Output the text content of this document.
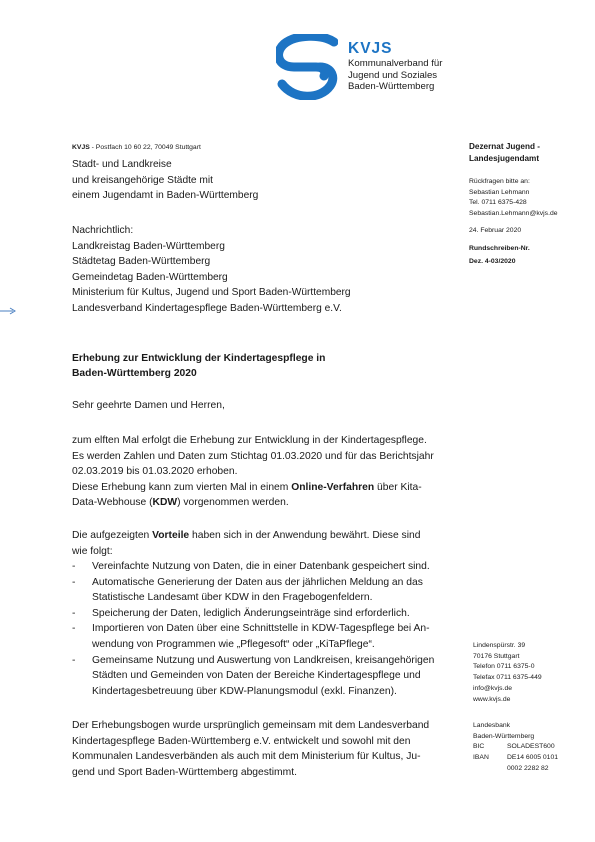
KVJS
Kommunalverband für
Jugend und Soziales
Baden-Württemberg
KVJS - Postfach 10 60 22, 70049 Stuttgart
Stadt- und Landkreise
und kreisangehörige Städte mit
einem Jugendamt in Baden-Württemberg
Nachrichtlich:
Landkreistag Baden-Württemberg
Städtetag Baden-Württemberg
Gemeindetag Baden-Württemberg
Ministerium für Kultus, Jugend und Sport Baden-Württemberg
Landesverband Kindertagespflege Baden-Württemberg e.V.
Dezernat Jugend -
Landesjugendamt
Rückfragen bitte an:
Sebastian Lehmann
Tel. 0711 6375-428
Sebastian.Lehmann@kvjs.de
24. Februar 2020
Rundschreiben-Nr.
Dez. 4-03/2020
Erhebung zur Entwicklung der Kindertagespflege in
Baden-Württemberg 2020
Sehr geehrte Damen und Herren,
zum elften Mal erfolgt die Erhebung zur Entwicklung in der Kindertagespflege.
Es werden Zahlen und Daten zum Stichtag 01.03.2020 und für das Berichtsjahr
02.03.2019 bis 01.03.2020 erhoben.
Diese Erhebung kann zum vierten Mal in einem Online-Verfahren über Kita-
Data-Webhouse (KDW) vorgenommen werden.
Die aufgezeigten Vorteile haben sich in der Anwendung bewährt. Diese sind
wie folgt:
- Vereinfachte Nutzung von Daten, die in einer Datenbank gespeichert sind.
- Automatische Generierung der Daten aus der jährlichen Meldung an das
Statistische Landesamt über KDW in den Fragebogenfeldern.
- Speicherung der Daten, lediglich Änderungseinträge sind erforderlich.
- Importieren von Daten über eine Schnittstelle in KDW-Tagespflege bei An-
wendung von Programmen wie „Pflegesoft“ oder „KiTaPflege“.
- Gemeinsame Nutzung und Auswertung von Landkreisen, kreisangehörigen
Städten und Gemeinden von Daten der Bereiche Kindertagespflege und
Kindertagesbetreuung über KDW-Planungsmodul (exkl. Finanzen).
Der Erhebungsbogen wurde ursprünglich gemeinsam mit dem Landesverband
Kindertagespflege Baden-Württemberg e.V. entwickelt und sowohl mit den
Kommunalen Landesverbänden als auch mit dem Ministerium für Kultus, Ju-
gend und Sport Baden-Württemberg abgestimmt.
Lindenspürstr. 39
70176 Stuttgart
Telefon 0711 6375-0
Telefax 0711 6375-449
info@kvjs.de
www.kvjs.de
Landesbank
Baden-Württemberg
BIC	SOLADEST600
IBAN	DE14 6005 0101
0002 2282 82
